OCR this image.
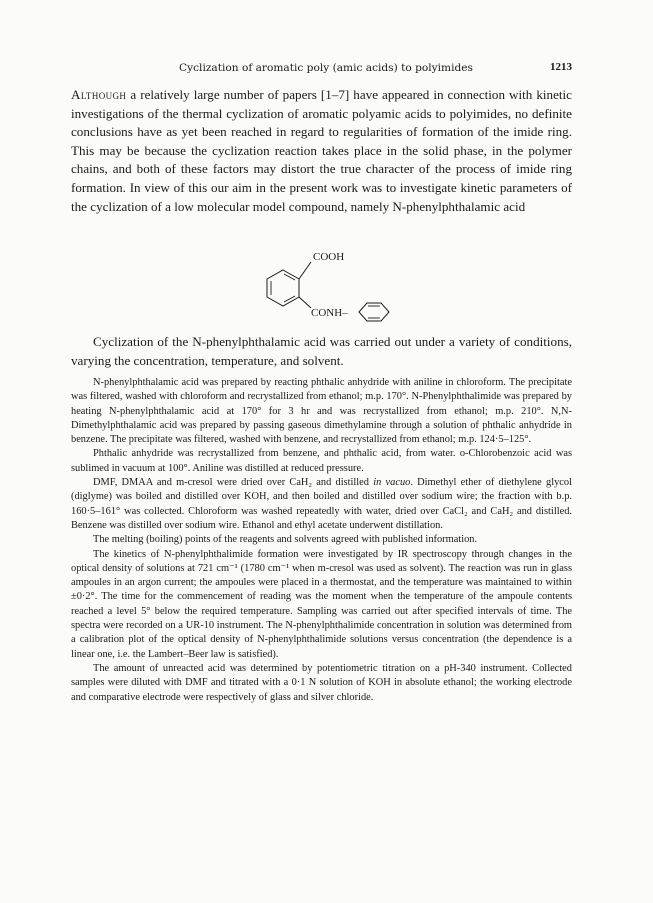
Cyclization of aromatic poly (amic acids) to polyimides	1213

Although a relatively large number of papers [1–7] have appeared in connection with kinetic investigations of the thermal cyclization of aromatic polyamic acids to polyimides, no definite conclusions have as yet been reached in regard to regularities of formation of the imide ring. This may be because the cyclization reaction takes place in the solid phase, in the polymer chains, and both of these factors may distort the true character of the process of imide ring formation. In view of this our aim in the present work was to investigate kinetic parameters of the cyclization of a low molecular model compound, namely N-phenylphthalamic acid

COOH
CONH–

Cyclization of the N-phenylphthalamic acid was carried out under a variety of conditions, varying the concentration, temperature, and solvent.

N-phenylphthalamic acid was prepared by reacting phthalic anhydride with aniline in chloroform. The precipitate was filtered, washed with chloroform and recrystallized from ethanol; m.p. 170°. N-Phenylphthalimide was prepared by heating N-phenylphthalamic acid at 170° for 3 hr and was recrystallized from ethanol; m.p. 210°. N,N-Dimethylphthalamic acid was prepared by passing gaseous dimethylamine through a solution of phthalic anhydride in benzene. The precipitate was filtered, washed with benzene, and recrystallized from ethanol; m.p. 124·5–125°.

Phthalic anhydride was recrystallized from benzene, and phthalic acid, from water. o-Chlorobenzoic acid was sublimed in vacuum at 100°. Aniline was distilled at reduced pressure.

DMF, DMAA and m-cresol were dried over CaH₂ and distilled in vacuo. Dimethyl ether of diethylene glycol (diglyme) was boiled and distilled over KOH, and then boiled and distilled over sodium wire; the fraction with b.p. 160·5–161° was collected. Chloroform was washed repeatedly with water, dried over CaCl₂ and CaH₂ and distilled. Benzene was distilled over sodium wire. Ethanol and ethyl acetate underwent distillation.

The melting (boiling) points of the reagents and solvents agreed with published information.

The kinetics of N-phenylphthalimide formation were investigated by IR spectroscopy through changes in the optical density of solutions at 721 cm⁻¹ (1780 cm⁻¹ when m-cresol was used as solvent). The reaction was run in glass ampoules in an argon current; the ampoules were placed in a thermostat, and the temperature was maintained to within ±0·2°. The time for the commencement of reading was the moment when the temperature of the ampoule contents reached a level 5° below the required temperature. Sampling was carried out after specified intervals of time. The spectra were recorded on a UR-10 instrument. The N-phenylphthalimide concentration in solution was determined from a calibration plot of the optical density of N-phenylphthalimide solutions versus concentration (the dependence is a linear one, i.e. the Lambert–Beer law is satisfied).

The amount of unreacted acid was determined by potentiometric titration on a pH-340 instrument. Collected samples were diluted with DMF and titrated with a 0·1 N solution of KOH in absolute ethanol; the working electrode and comparative electrode were respectively of glass and silver chloride.
